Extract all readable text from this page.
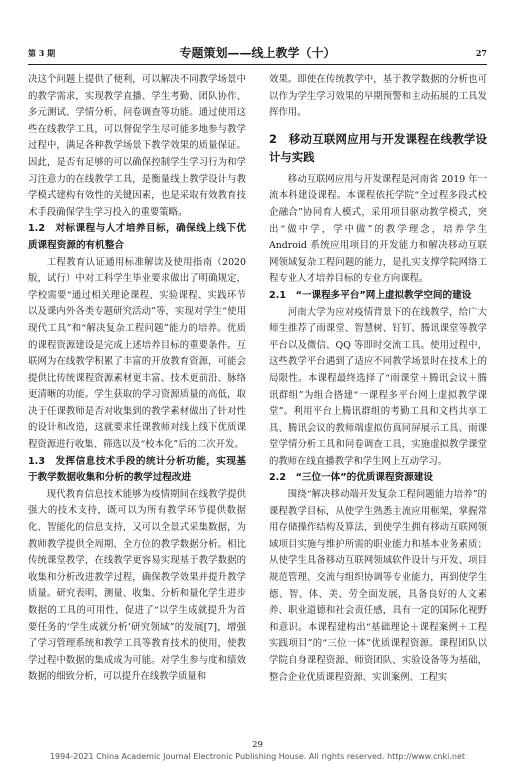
第 3 期	专题策划——线上教学（十）	27

决这个问题上提供了便利，可以解决不同教学场景中的教学需求，实现教学直播、学生考勤、团队协作、多元测试、学情分析、问卷调查等功能。通过使用这些在线教学工具，可以督促学生尽可能多地参与教学过程中，满足各种教学场景下教学效果的质量保证。因此，是否有足够的可以确保控制学生学习行为和学习注意力的在线教学工具，是衡量线上教学设计与教学模式建构有效性的关键因素，也是采取有效教育技术手段确保学生学习投入的重要策略。

1.2　对标课程与人才培养目标，确保线上线下优质课程资源的有机整合

工程教育认证通用标准解读及使用指南（2020 版，试行）中对工科学生毕业要求做出了明确规定，学校需要“通过相关理论课程、实验课程、实践环节以及课内外各类专题研究活动”等，实现对学生“使用现代工具”和“解决复杂工程问题”能力的培养。优质的课程资源建设是完成上述培养目标的重要条件。互联网为在线教学积累了丰富的开放教育资源，可能会提供比传统课程资源素材更丰富、技术更前沿、脉络更清晰的功能。学生获取的学习资源质量的高低，取决于任课教师是否对收集到的教学素材做出了针对性的设计和改造，这就要求任课教师对线上线下优质课程资源进行收集、筛选以及“校本化”后的二次开发。

1.3　发挥信息技术手段的统计分析功能，实现基于教学数据收集和分析的教学过程改进

现代教育信息技术能够为疫情期间在线教学提供强大的技术支持，既可以为所有教学环节提供数据化、智能化的信息支持，又可以全景式采集数据，为教师教学提供全周期、全方位的教学数据分析。相比传统课堂教学，在线教学更容易实现基于教学数据的收集和分析改进教学过程，确保教学效果并提升教学质量。研究表明，测量、收集、分析和量化学生进步数据的工具的可用性，促进了“以学生成就提升为首要任务的‘学生成就分析’研究领域”的发展[7]，增强了学习管理系统和教学工具等教育技术的使用，使教学过程中数据的集成成为可能。对学生参与度和绩效数据的细致分析，可以提升在线教学质量和

效果。即使在传统教学中，基于教学数据的分析也可以作为学生学习效果的早期预警和主动拓展的工具发挥作用。

2　移动互联网应用与开发课程在线教学设计与实践

移动互联网应用与开发课程是河南省 2019 年一流本科建设课程。本课程依托学院“全过程多段式校企融合”协同育人模式，采用项目驱动教学模式，突出“做中学，学中做”的教学理念，培养学生 Android 系统应用项目的开发能力和解决移动互联网领域复杂工程问题的能力，是扎实支撑学院网络工程专业人才培养目标的专业方向课程。

2.1　“一课程多平台”网上虚拟教学空间的建设

河南大学为应对疫情背景下的在线教学，给广大师生推荐了雨课堂、智慧树、钉钉、腾讯课堂等教学平台以及微信、QQ 等即时交流工具。使用过程中，这些教学平台遇到了适应不同教学场景时在技术上的局限性。本课程最终选择了“雨课堂＋腾讯会议＋腾讯群组”为组合搭建“一课程多平台网上虚拟教学课堂”。利用平台上腾讯群组的考勤工具和文档共享工具、腾讯会议的教师端虚拟仿真同屏展示工具、雨课堂学情分析工具和问卷调查工具，实施虚拟教学课堂的教师在线直播教学和学生网上互动学习。

2.2　“三位一体”的优质课程资源建设

围绕“解决移动端开发复杂工程问题能力培养”的课程教学目标，从使学生熟悉主流应用框架，掌握常用存储操作结构及算法，到使学生拥有移动互联网领域项目实施与维护所需的职业能力和基本业务素质；从使学生具备移动互联网领域软件设计与开发、项目规范管理、交流与组织协调等专业能力，再到使学生德、智、体、美、劳全面发展，具备良好的人文素养、职业道德和社会责任感，具有一定的国际化视野和意识。本课程建构出“基础理论＋课程案例＋工程实践项目”的“三位一体”优质课程资源。课程团队以学院自身课程资源、师资团队、实验设备等为基础，整合企业优质课程资源、实训案例、工程实

29
1994-2021 China Academic Journal Electronic Publishing House. All rights reserved. http://www.cnki.net
